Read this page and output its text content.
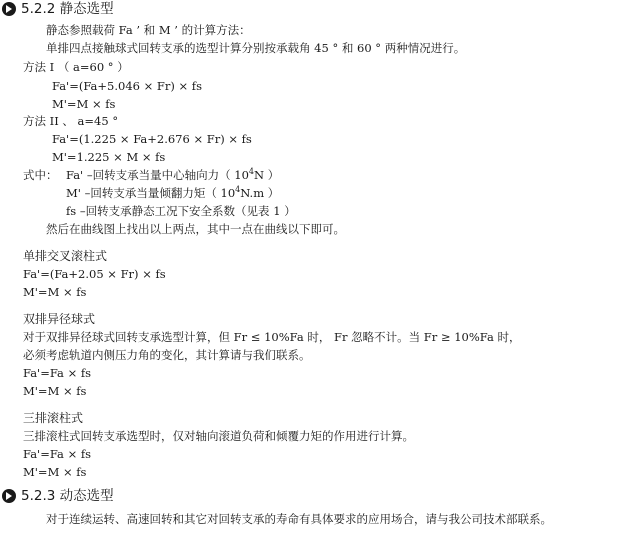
5.2.2 静态选型
静态参照载荷 Fa ’ 和 M ’ 的计算方法：
单排四点接触球式回转支承的选型计算分别按承载角 45 ° 和 60 ° 两种情况进行。
方法 I （ a=60 ° ）
Fa'=(Fa+5.046 × Fr) × fs
M'=M × fs
方法 II 、 a=45 °
Fa'=(1.225 × Fa+2.676 × Fr) × fs
M'=1.225 × M × fs
式中： Fa' –回转支承当量中心轴向力（ $10^4N$ ）
M' –回转支承当量倾翻力矩（ $10^4N.m$ ）
fs –回转支承静态工况下安全系数（见表 1 ）
然后在曲线图上找出以上两点，其中一点在曲线以下即可。
单排交叉滚柱式
Fa'=(Fa+2.05 × Fr) × fs
M'=M × fs
双排异径球式
对于双排异径球式回转支承选型计算，但 Fr ≤ 10%Fa 时， Fr 忽略不计。当 Fr ≥ 10%Fa 时，
必须考虑轨道内侧压力角的变化，其计算请与我们联系。
Fa'=Fa × fs
M'=M × fs
三排滚柱式
三排滚柱式回转支承选型时，仅对轴向滚道负荷和倾覆力矩的作用进行计算。
Fa'=Fa × fs
M'=M × fs
5.2.3 动态选型
对于连续运转、高速回转和其它对回转支承的寿命有具体要求的应用场合，请与我公司技术部联系。
